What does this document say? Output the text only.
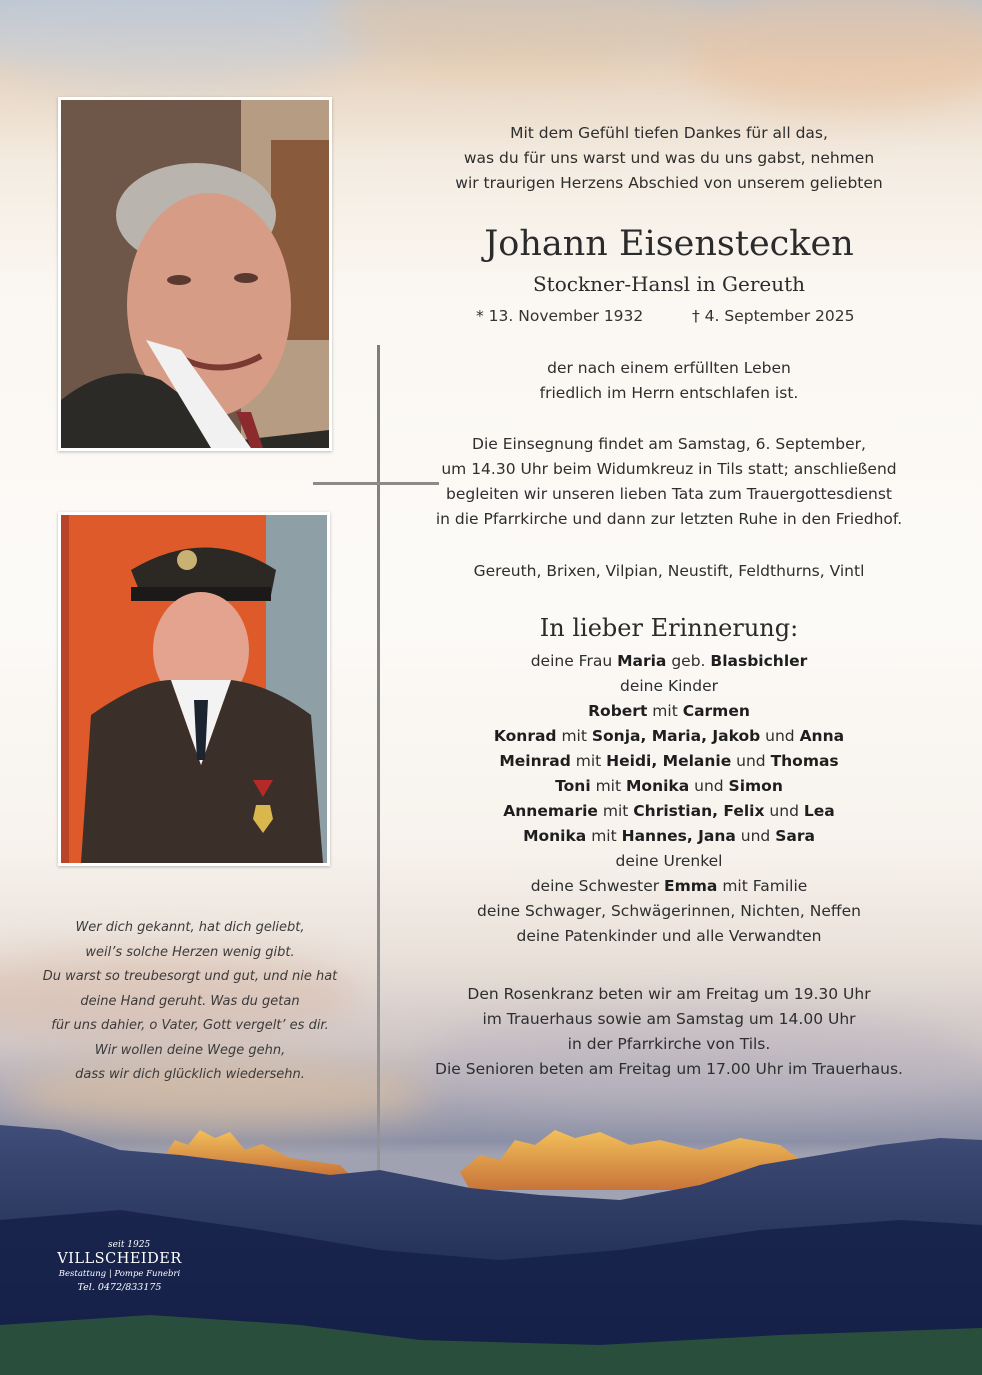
Mit dem Gefühl tiefen Dankes für all das,
was du für uns warst und was du uns gabst, nehmen
wir traurigen Herzens Abschied von unserem geliebten
Johann Eisenstecken
Stockner-Hansl in Gereuth
* 13. November 1932	† 4. September 2025
der nach einem erfüllten Leben
friedlich im Herrn entschlafen ist.
Die Einsegnung findet am Samstag, 6. September,
um 14.30 Uhr beim Widumkreuz in Tils statt; anschließend
begleiten wir unseren lieben Tata zum Trauergottesdienst
in die Pfarrkirche und dann zur letzten Ruhe in den Friedhof.
Gereuth, Brixen, Vilpian, Neustift, Feldthurns, Vintl
In lieber Erinnerung:
deine Frau Maria geb. Blasbichler
deine Kinder
Robert mit Carmen
Konrad mit Sonja, Maria, Jakob und Anna
Meinrad mit Heidi, Melanie und Thomas
Toni mit Monika und Simon
Annemarie mit Christian, Felix und Lea
Monika mit Hannes, Jana und Sara
deine Urenkel
deine Schwester Emma mit Familie
deine Schwager, Schwägerinnen, Nichten, Neffen
deine Patenkinder und alle Verwandten
Den Rosenkranz beten wir am Freitag um 19.30 Uhr
im Trauerhaus sowie am Samstag um 14.00 Uhr
in der Pfarrkirche von Tils.
Die Senioren beten am Freitag um 17.00 Uhr im Trauerhaus.
Wer dich gekannt, hat dich geliebt,
weil’s solche Herzen wenig gibt.
Du warst so treubesorgt und gut, und nie hat
deine Hand geruht. Was du getan
für uns dahier, o Vater, Gott vergelt’ es dir.
Wir wollen deine Wege gehn,
dass wir dich glücklich wiedersehn.
seit 1925
VILLSCHEIDER
Bestattung | Pompe Funebri
Tel. 0472/833175
